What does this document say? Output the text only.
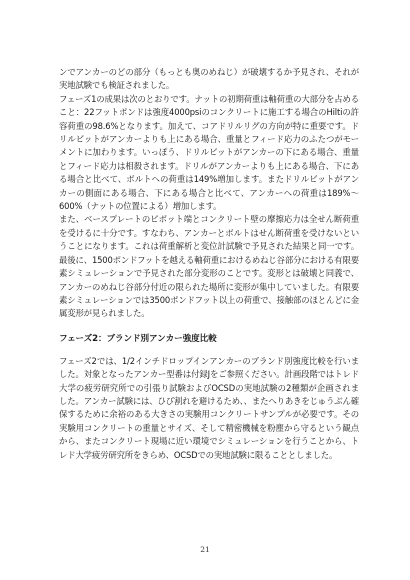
ンでアンカーのどの部分（もっとも奥のめねじ）が破壊するか予見され、それが実地試験でも検証されました。

フェーズ1の成果は次のとおりです。ナットの初期荷重は軸荷重の大部分を占めること：22フットポンドは強度4000psiのコンクリートに施工する場合のHiltiの許容荷重の98.6%となります。加えて、コアドリルリグの方向が特に重要です。ドリルビットがアンカーよりも上にある場合、重量とフィード応力のふたつがモーメントに加わります。いっぽう、ドリルビットがアンカーの下にある場合、重量とフィード応力は相殺されます。ドリルがアンカーよりも上にある場合、下にある場合と比べて、ボルトへの荷重は149%増加します。またドリルビットがアンカーの側面にある場合、下にある場合と比べて、アンカーへの荷重は189%～600%（ナットの位置による）増加します。

また、ベースプレートのピボット端とコンクリート壁の摩擦応力は全せん断荷重を受けるに十分です。すなわち、アンカーとボルトはせん断荷重を受けないということになります。これは荷重解析と変位計試験で予見された結果と同一です。最後に、1500ポンドフットを越える軸荷重におけるめねじ谷部分における有限要素シミュレーションで予見された部分変形のことです。変形とは破壊と同義で、アンカーのめねじ谷部分付近の限られた場所に変形が集中していました。有限要素シミュレーションでは3500ポンドフット以上の荷重で、接触部のほとんどに金属変形が見られました。

フェーズ2：ブランド別アンカー強度比較

フェーズ2では、1/2インチドロップインアンカーのブランド別強度比較を行いました。対象となったアンカー型番は付録Jをご参照ください。計画段階ではトレド大学の疲労研究所での引張り試験およびOCSDの実地試験の2種類が企画されました。アンカー試験には、ひび割れを避けるため、、またへりあきをじゅうぶん確保するために余裕のある大きさの実験用コンクリートサンプルが必要です。その実験用コンクリートの重量とサイズ、そして精密機械を粉塵から守るという観点から、またコンクリート現場に近い環境でシミュレーションを行うことから、トレド大学疲労研究所をきらめ、OCSDでの実地試験に限ることとしました。

21
